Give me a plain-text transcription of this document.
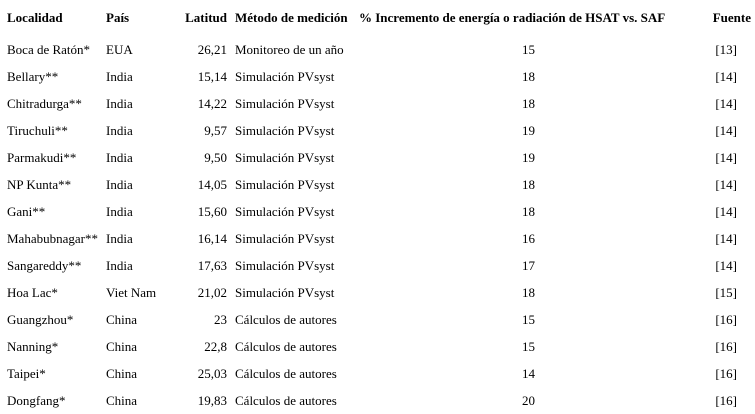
Localidad	País	Latitud	Método de medición	% Incremento de energía o radiación de HSAT vs. SAF	Fuente
Boca de Ratón*	EUA	26,21	Monitoreo de un año	15	[13]
Bellary**	India	15,14	Simulación PVsyst	18	[14]
Chitradurga**	India	14,22	Simulación PVsyst	18	[14]
Tiruchuli**	India	9,57	Simulación PVsyst	19	[14]
Parmakudi**	India	9,50	Simulación PVsyst	19	[14]
NP Kunta**	India	14,05	Simulación PVsyst	18	[14]
Gani**	India	15,60	Simulación PVsyst	18	[14]
Mahabubnagar**	India	16,14	Simulación PVsyst	16	[14]
Sangareddy**	India	17,63	Simulación PVsyst	17	[14]
Hoa Lac*	Viet Nam	21,02	Simulación PVsyst	18	[15]
Guangzhou*	China	23	Cálculos de autores	15	[16]
Nanning*	China	22,8	Cálculos de autores	15	[16]
Taipei*	China	25,03	Cálculos de autores	14	[16]
Dongfang*	China	19,83	Cálculos de autores	20	[16]
